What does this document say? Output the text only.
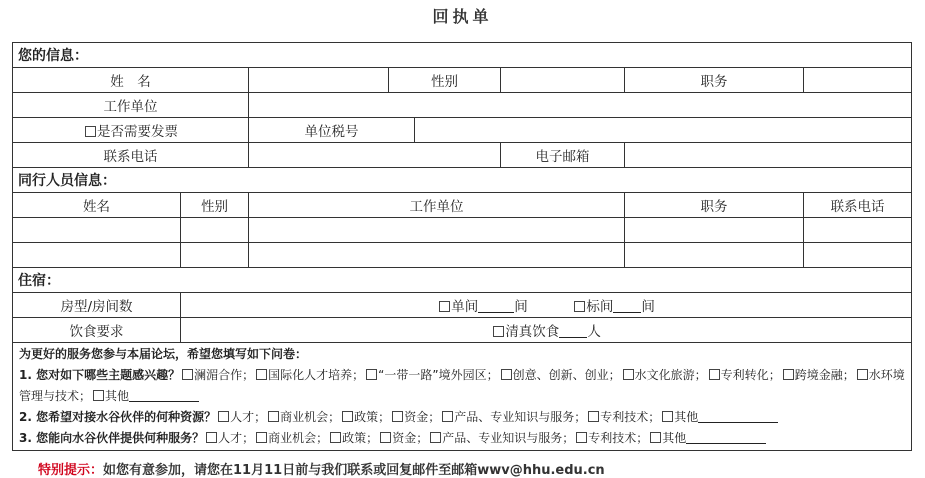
回执单
您的信息：							
姓　名			性别			职务	
工作单位							
是否需要发票		单位税号					
联系电话					电子邮箱		
同行人员信息：							
姓名	性别	工作单位				职务	联系电话

住宿：							
房型/房间数	单间 间 标间 间						
饮食要求	清真饮食 人						

为更好的服务您参与本届论坛，希望您填写如下问卷：
1. 您对如下哪些主题感兴趣？ 澜湄合作； 国际化人才培养； “一带一路”境外园区； 创意、创新、创业； 水文化旅游； 专利转化； 跨境金融； 水环境管理与技术； 其他
2. 您希望对接水谷伙伴的何种资源？ 人才； 商业机会； 政策； 资金； 产品、专业知识与服务； 专利技术； 其他
3. 您能向水谷伙伴提供何种服务？ 人才； 商业机会； 政策； 资金； 产品、专业知识与服务； 专利技术； 其他							
特别提示：如您有意参加，请您在11月11日前与我们联系或回复邮件至邮箱wwv@hhu.edu.cn
